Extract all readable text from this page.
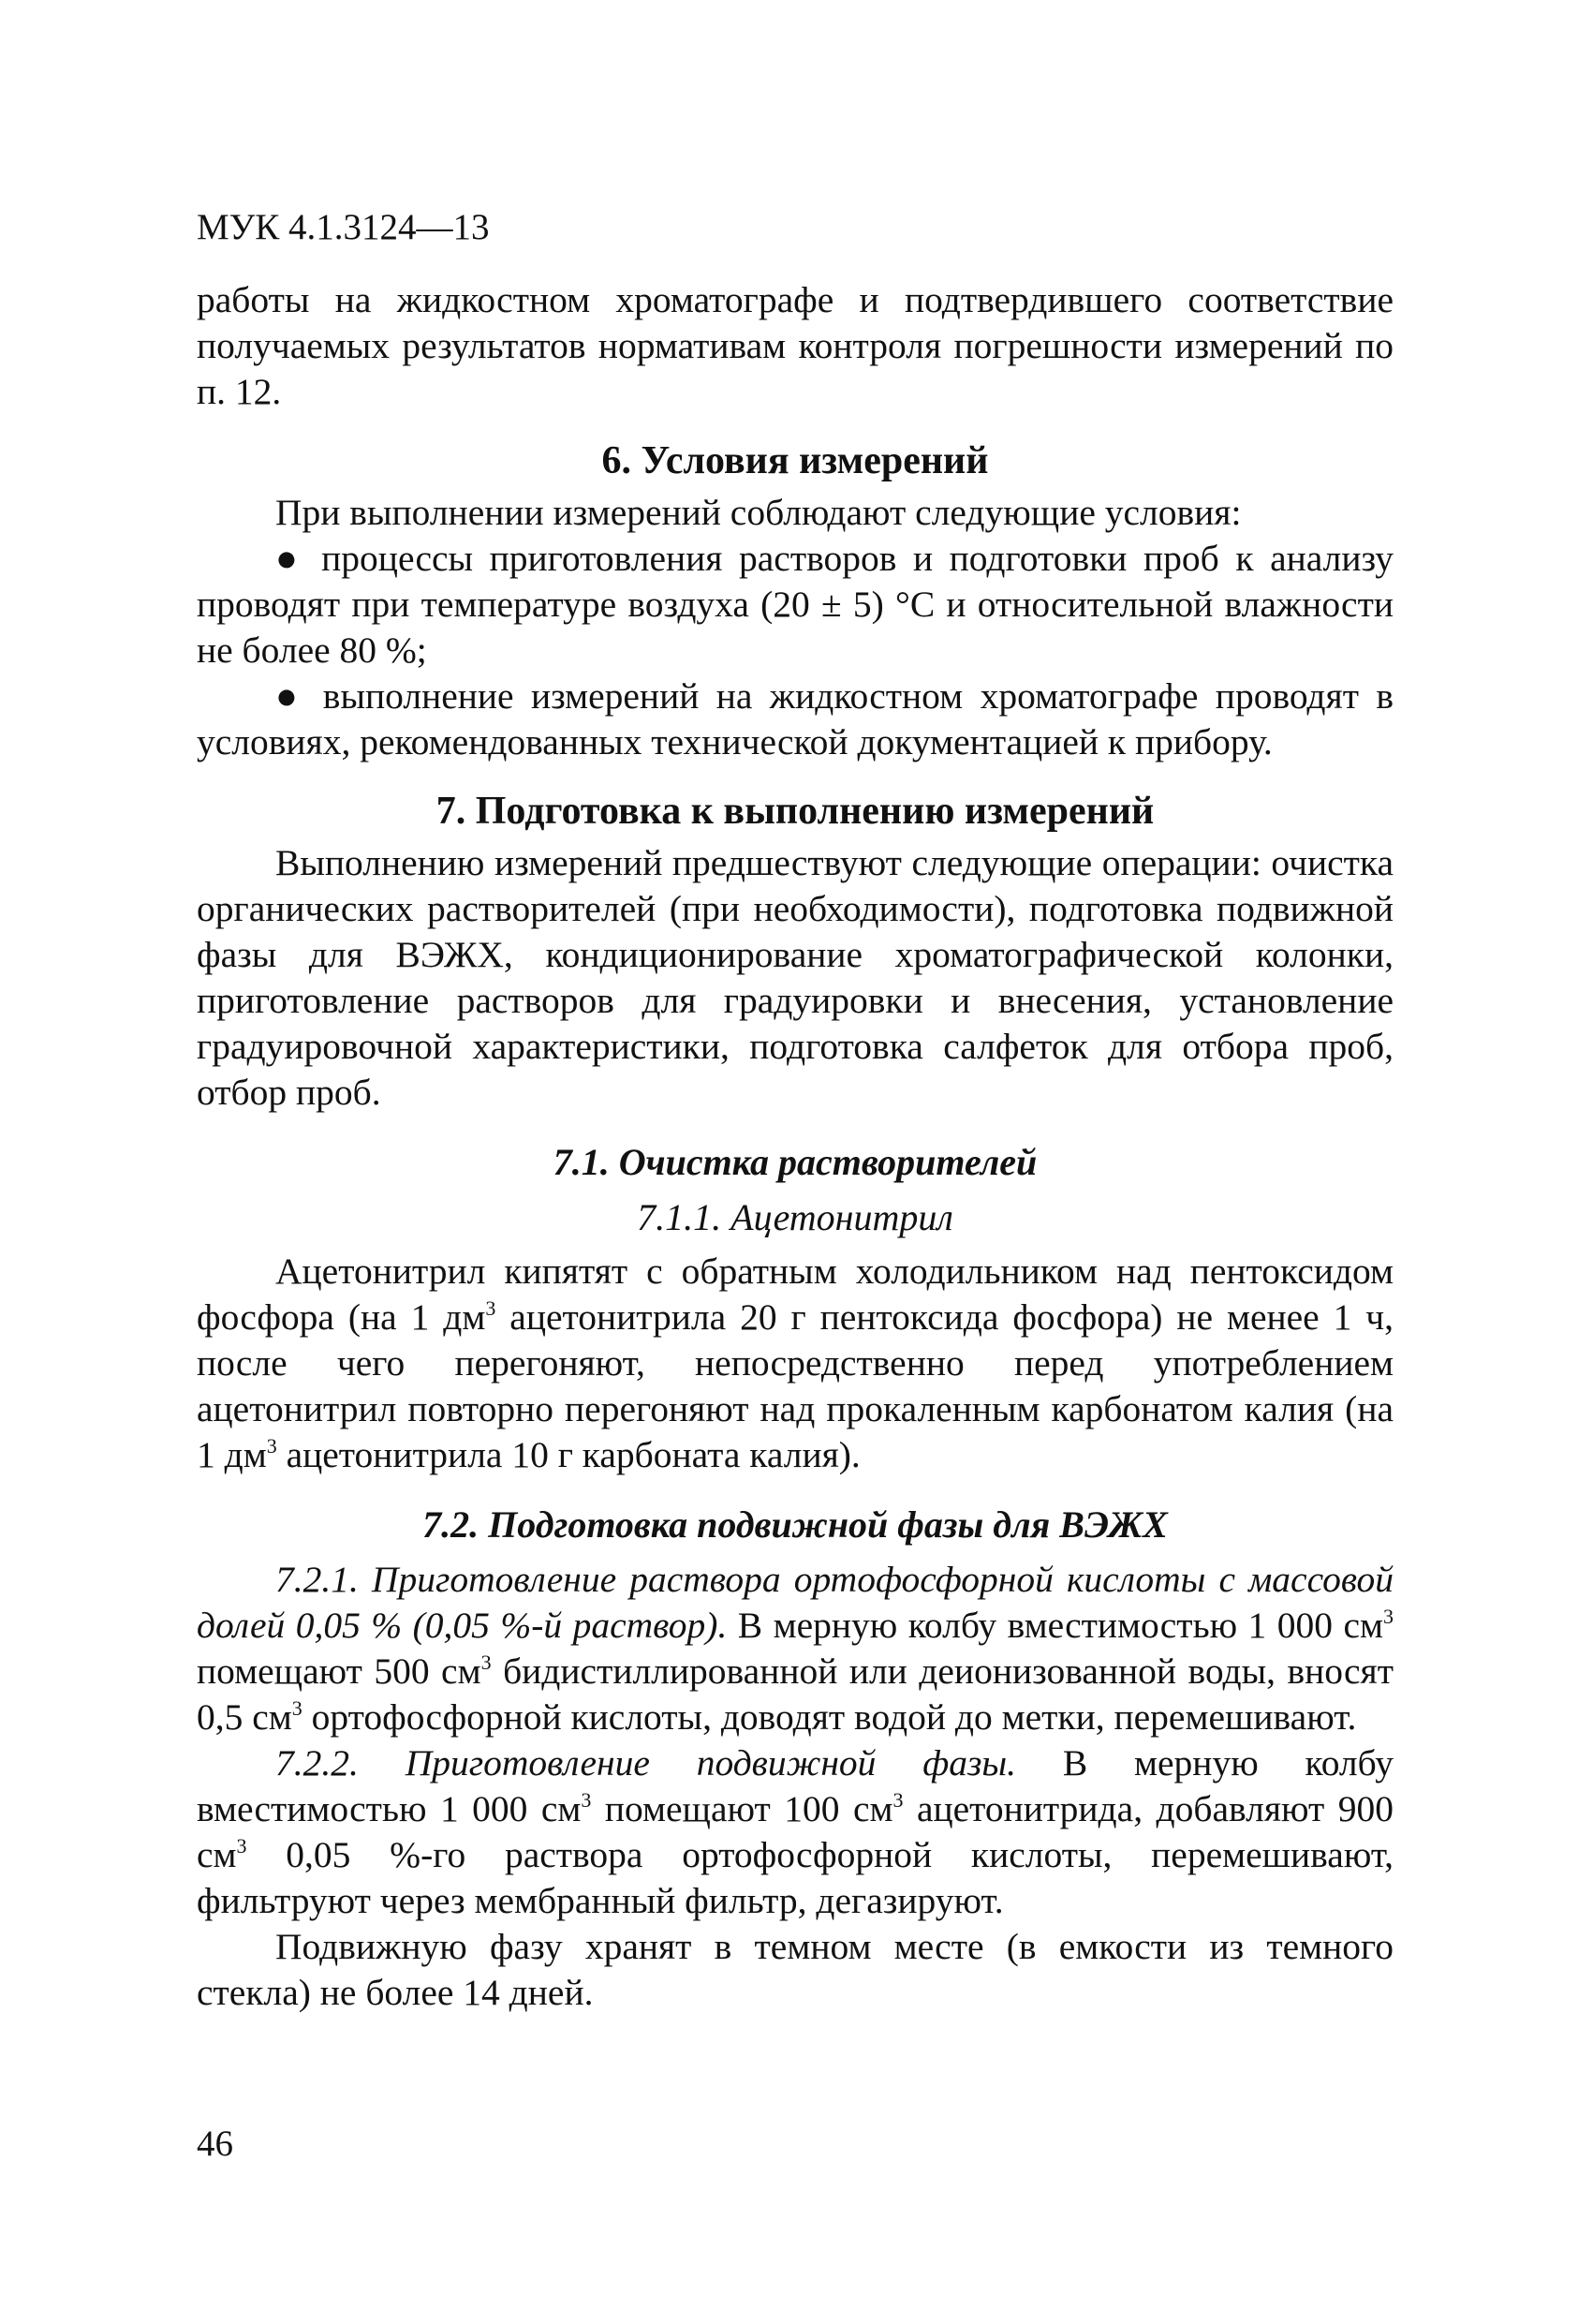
МУК 4.1.3124—13

работы на жидкостном хроматографе и подтвердившего соответствие получаемых результатов нормативам контроля погрешности измерений по п. 12.

6. Условия измерений

При выполнении измерений соблюдают следующие условия:

● процессы приготовления растворов и подготовки проб к анализу проводят при температуре воздуха (20 ± 5) °С и относительной влажности не более 80 %;

● выполнение измерений на жидкостном хроматографе проводят в условиях, рекомендованных технической документацией к прибору.

7. Подготовка к выполнению измерений

Выполнению измерений предшествуют следующие операции: очистка органических растворителей (при необходимости), подготовка подвижной фазы для ВЭЖХ, кондиционирование хроматографической колонки, приготовление растворов для градуировки и внесения, установление градуировочной характеристики, подготовка салфеток для отбора проб, отбор проб.

7.1. Очистка растворителей
7.1.1. Ацетонитрил

Ацетонитрил кипятят с обратным холодильником над пентоксидом фосфора (на 1 $дм^3$ ацетонитрила 20 г пентоксида фосфора) не менее 1 ч, после чего перегоняют, непосредственно перед употреблением ацетонитрил повторно перегоняют над прокаленным карбонатом калия (на 1 $дм^3$ ацетонитрила 10 г карбоната калия).

7.2. Подготовка подвижной фазы для ВЭЖХ

7.2.1. Приготовление раствора ортофосфорной кислоты с массовой долей 0,05 % (0,05 %-й раствор). В мерную колбу вместимостью 1 000 $см^3$ помещают 500 $см^3$ бидистиллированной или деионизованной воды, вносят 0,5 $см^3$ ортофосфорной кислоты, доводят водой до метки, перемешивают.

7.2.2. Приготовление подвижной фазы. В мерную колбу вместимостью 1 000 $см^3$ помещают 100 $см^3$ ацетонитрида, добавляют 900 $см^3$ 0,05 %-го раствора ортофосфорной кислоты, перемешивают, фильтруют через мембранный фильтр, дегазируют.

Подвижную фазу хранят в темном месте (в емкости из темного стекла) не более 14 дней.

46
